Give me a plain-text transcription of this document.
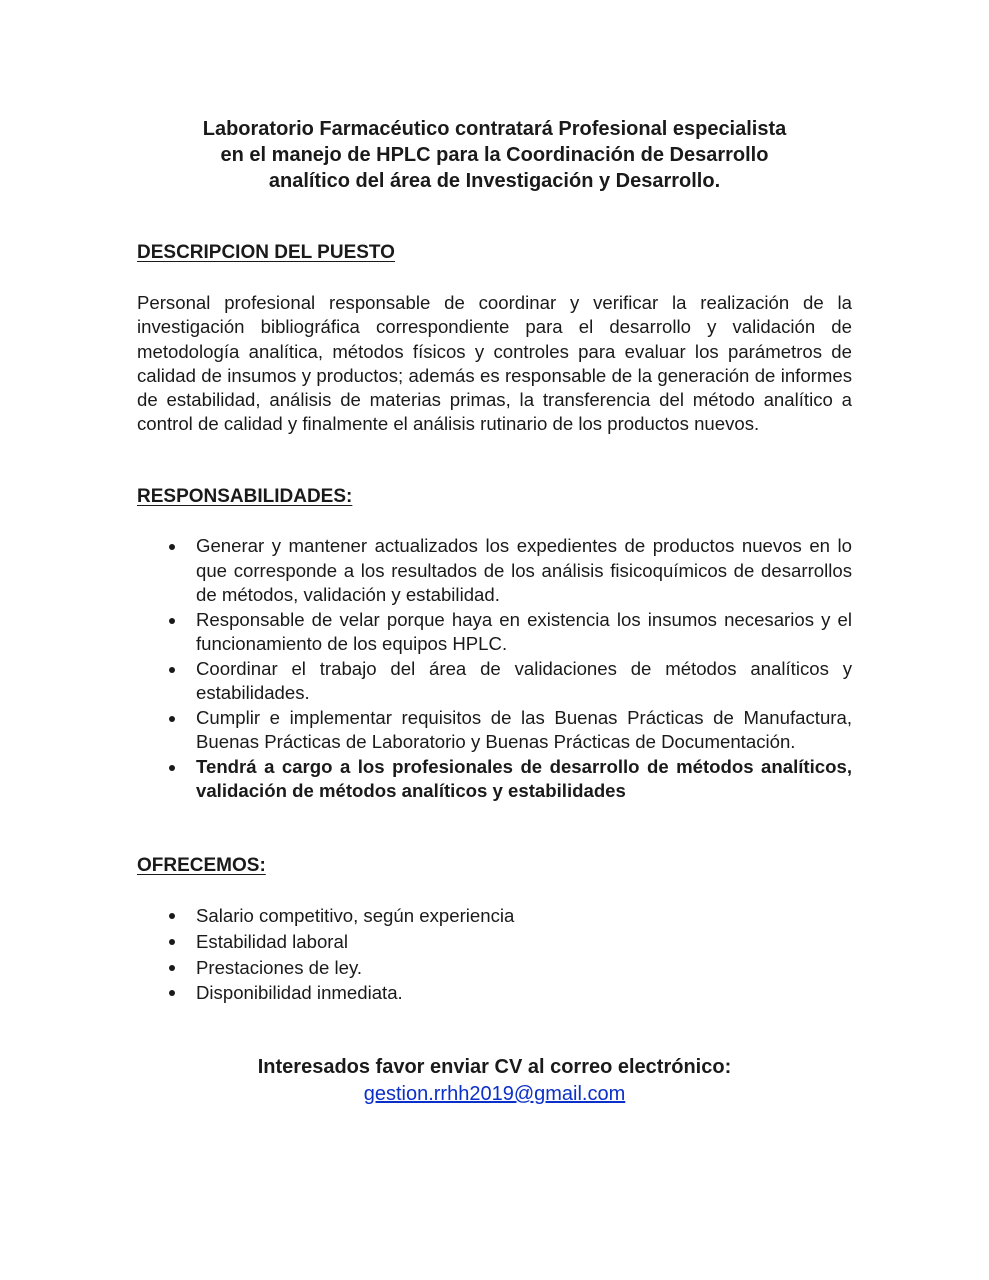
Laboratorio Farmacéutico contratará Profesional especialista
en el manejo de HPLC para la Coordinación de Desarrollo
analítico del área de Investigación y Desarrollo.
DESCRIPCION DEL PUESTO
Personal profesional responsable de coordinar y verificar la realización de la investigación bibliográfica correspondiente para el desarrollo y validación de metodología analítica, métodos físicos y controles para evaluar los parámetros de calidad de insumos y productos; además es responsable de la generación de informes de estabilidad, análisis de materias primas, la transferencia del método analítico a control de calidad y finalmente el análisis rutinario de los productos nuevos.
RESPONSABILIDADES:
Generar y mantener actualizados los expedientes de productos nuevos en lo que corresponde a los resultados de los análisis fisicoquímicos de desarrollos de métodos, validación y estabilidad.
Responsable de velar porque haya en existencia los insumos necesarios y el funcionamiento de los equipos HPLC.
Coordinar el trabajo del área de validaciones de métodos analíticos y estabilidades.
Cumplir e implementar requisitos de las Buenas Prácticas de Manufactura, Buenas Prácticas de Laboratorio y Buenas Prácticas de Documentación.
Tendrá a cargo a los profesionales de desarrollo de métodos analíticos, validación de métodos analíticos y estabilidades
OFRECEMOS:
Salario competitivo, según experiencia
Estabilidad laboral
Prestaciones de ley.
Disponibilidad inmediata.
Interesados favor enviar CV al correo electrónico:
gestion.rrhh2019@gmail.com
